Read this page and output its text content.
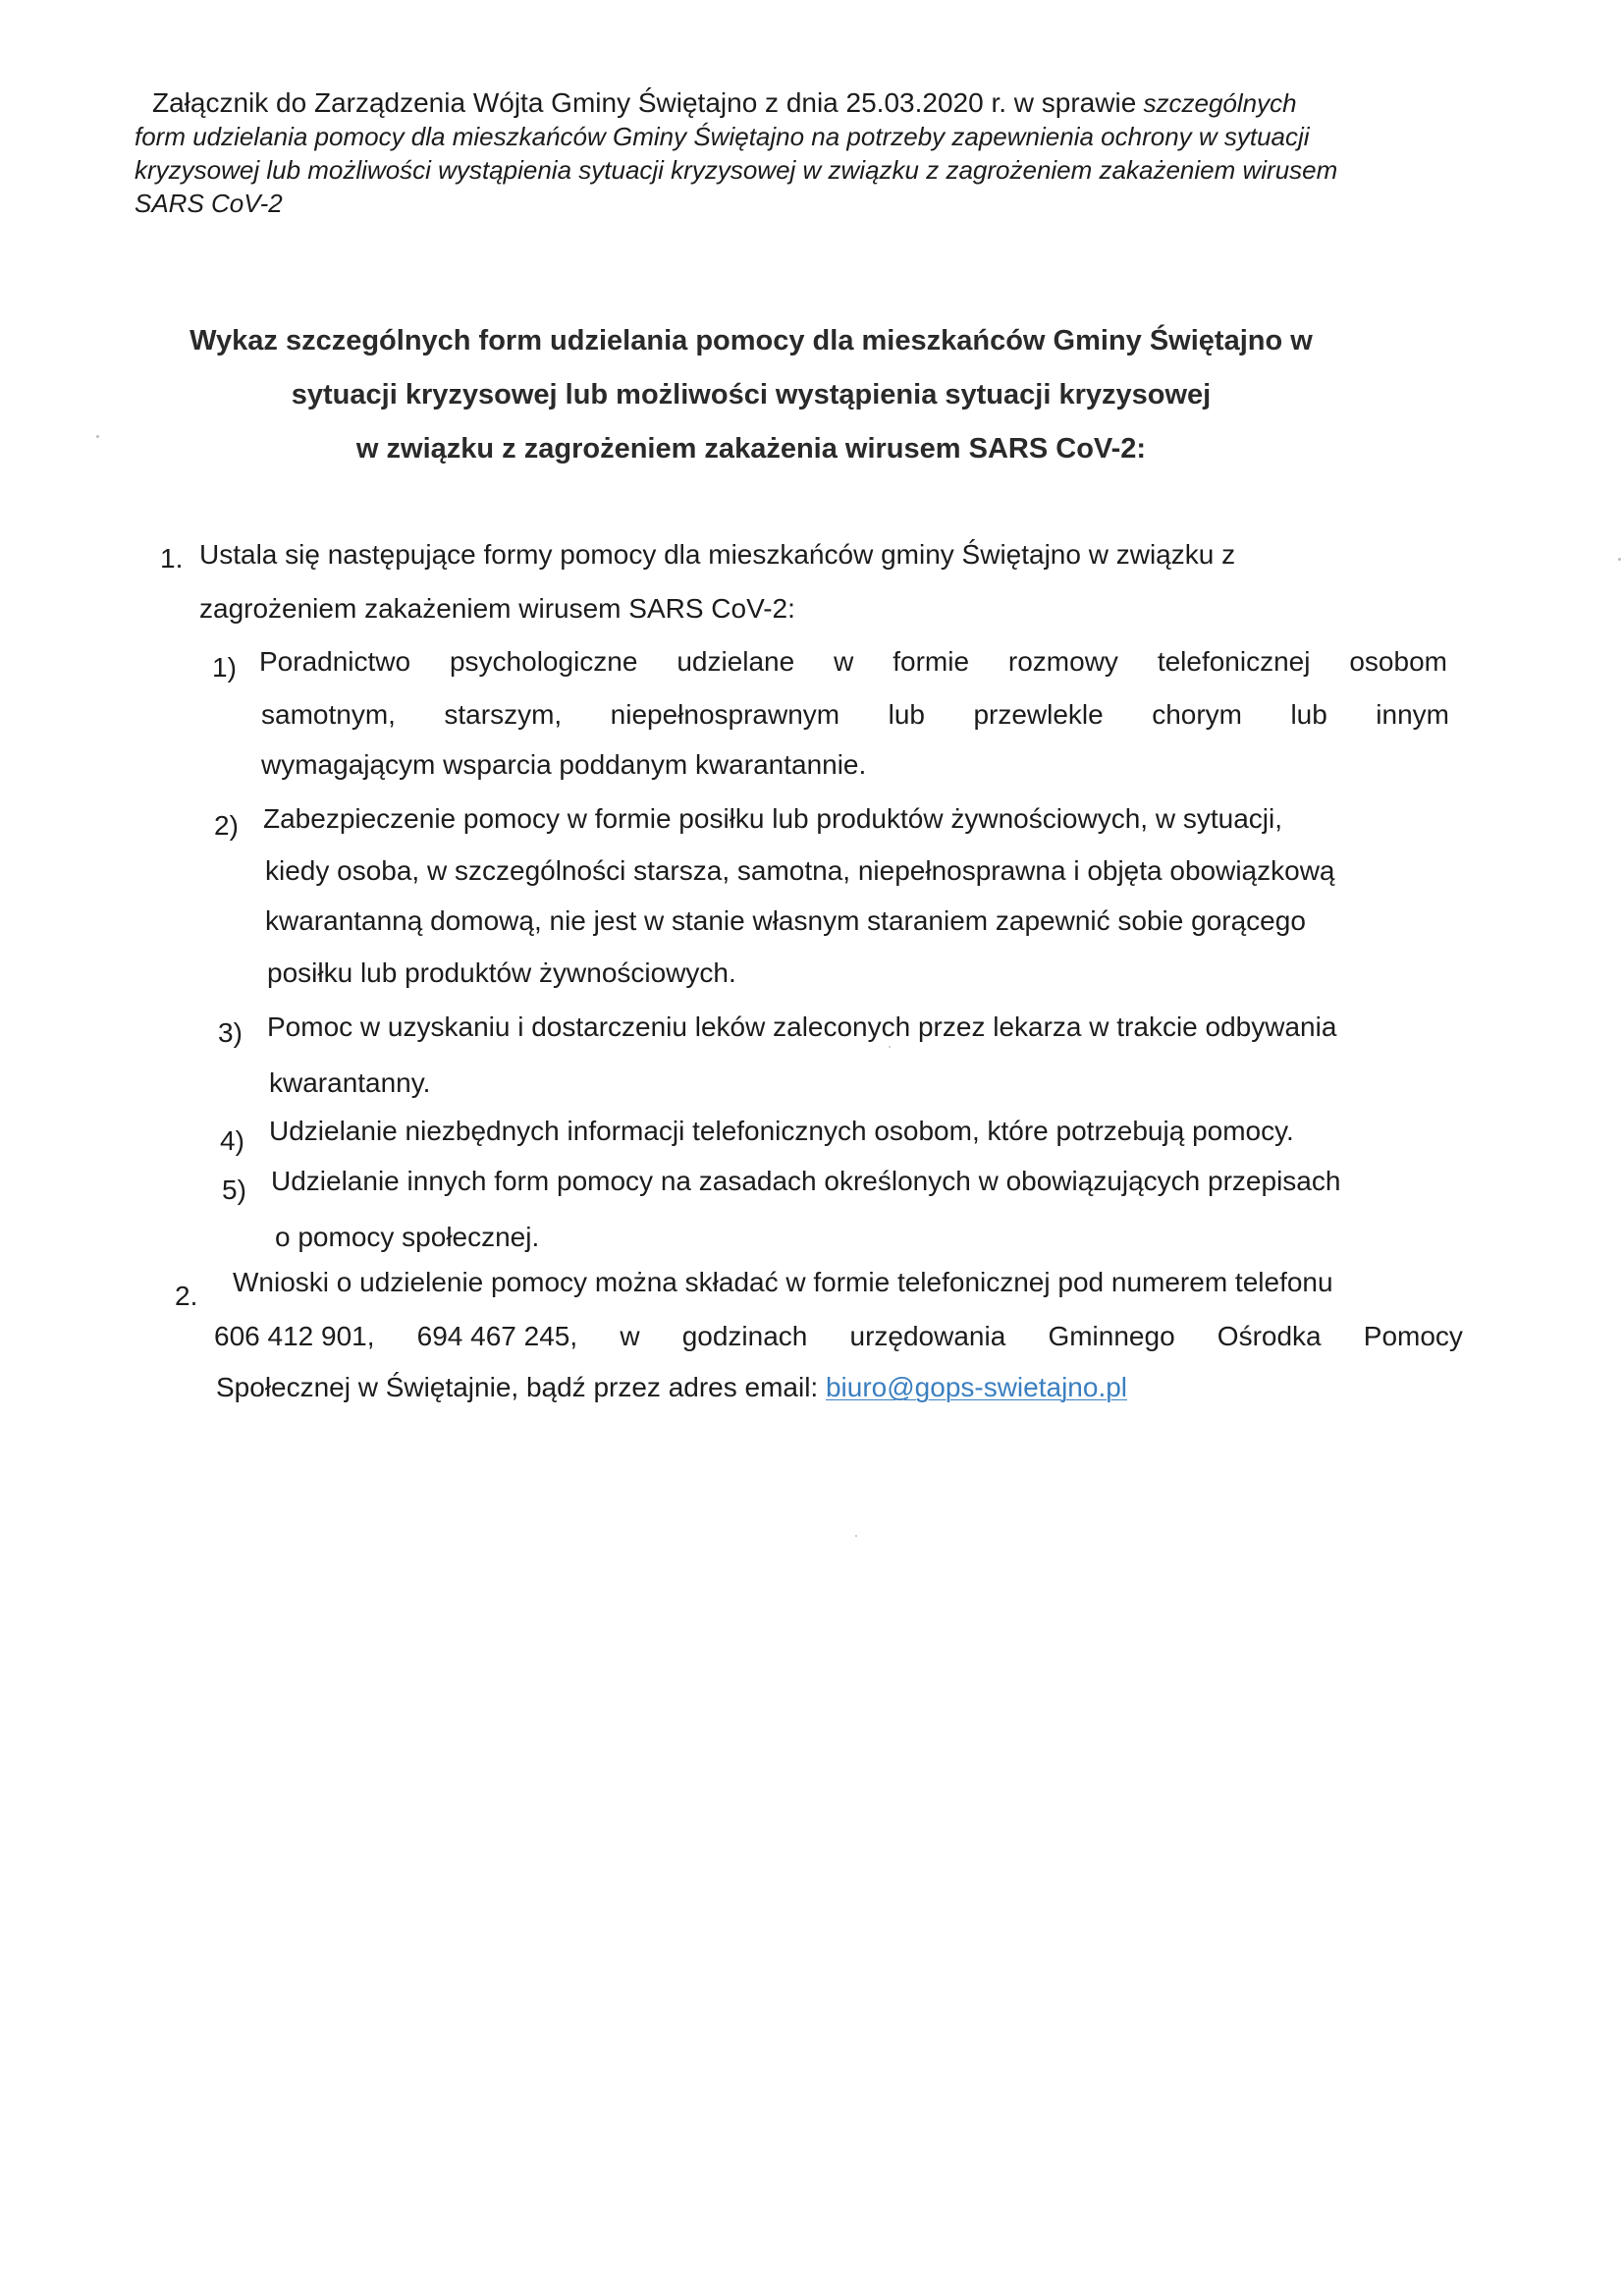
Załącznik do Zarządzenia Wójta Gminy Świętajno z dnia 25.03.2020 r. w sprawie szczególnych
form udzielania pomocy dla mieszkańców Gminy Świętajno na potrzeby zapewnienia ochrony w sytuacji
kryzysowej lub możliwości wystąpienia sytuacji kryzysowej w związku z zagrożeniem zakażeniem wirusem
SARS CoV-2
Wykaz szczególnych form udzielania pomocy dla mieszkańców Gminy Świętajno w
sytuacji kryzysowej lub możliwości wystąpienia sytuacji kryzysowej
w związku z zagrożeniem zakażenia wirusem SARS CoV-2:
1. Ustala się następujące formy pomocy dla mieszkańców gminy Świętajno w związku z
zagrożeniem zakażeniem wirusem SARS CoV-2:
1) Poradnictwo psychologiczne udzielane w formie rozmowy telefonicznej osobom
samotnym, starszym, niepełnosprawnym lub przewlekle chorym lub innym
wymagającym wsparcia poddanym kwarantannie.
2) Zabezpieczenie pomocy w formie posiłku lub produktów żywnościowych, w sytuacji,
kiedy osoba, w szczególności starsza, samotna, niepełnosprawna i objęta obowiązkową
kwarantanną domową, nie jest w stanie własnym staraniem zapewnić sobie gorącego
posiłku lub produktów żywnościowych.
3) Pomoc w uzyskaniu i dostarczeniu leków zaleconych przez lekarza w trakcie odbywania
kwarantanny.
4) Udzielanie niezbędnych informacji telefonicznych osobom, które potrzebują pomocy.
5) Udzielanie innych form pomocy na zasadach określonych w obowiązujących przepisach
o pomocy społecznej.
2. Wnioski o udzielenie pomocy można składać w formie telefonicznej pod numerem telefonu
606 412 901, 694 467 245, w godzinach urzędowania Gminnego Ośrodka Pomocy
Społecznej w Świętajnie, bądź przez adres email: biuro@gops-swietajno.pl
